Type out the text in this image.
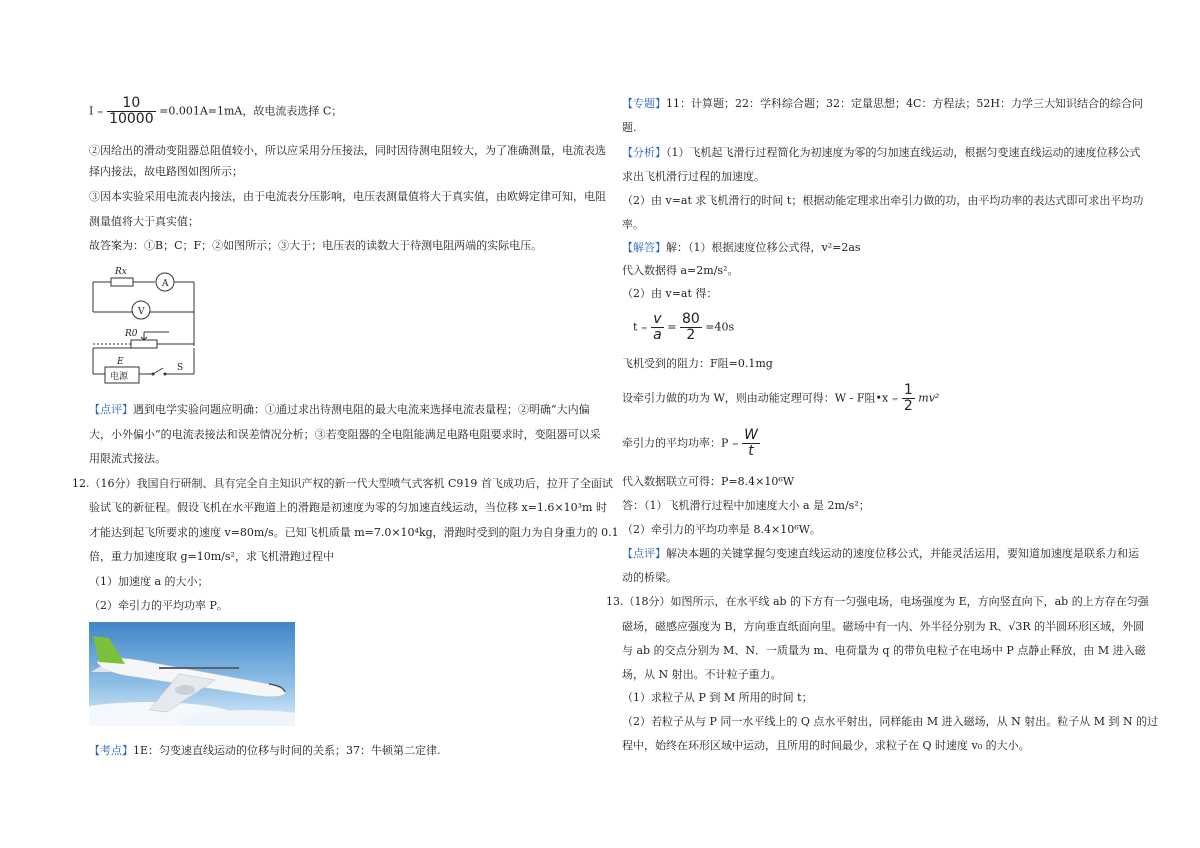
$I = \frac{10}{10000} =0.001A=1mA$，故电流表选择 C；
②因给出的滑动变阻器总阻值较小，所以应采用分压接法，同时因待测电阻较大，为了准确测量，电流表选
择内接法，故电路图如图所示；
③因本实验采用电流表内接法，由于电流表分压影响，电压表测量值将大于真实值，由欧姆定律可知，电阻
测量值将大于真实值；
故答案为：①B；C；F；②如图所示；③大于；电压表的读数大于待测电阻两端的实际电压。
Rx
A
V
R0
E
电源
S
【点评】遇到电学实验问题应明确：①通过求出待测电阻的最大电流来选择电流表量程；②明确“大内偏
大，小外偏小“的电流表接法和误差情况分析；③若变阻器的全电阻能满足电路电阻要求时，变阻器可以采
用限流式接法。
12.（16分）我国自行研制、具有完全自主知识产权的新一代大型喷气式客机 C919 首飞成功后，拉开了全面试
验试飞的新征程。假设飞机在水平跑道上的滑跑是初速度为零的匀加速直线运动，当位移 x=1.6×10³m 时
才能达到起飞所要求的速度 v=80m/s。已知飞机质量 m=7.0×10⁴kg，滑跑时受到的阻力为自身重力的 0.1
倍，重力加速度取 g=10m/s²，求飞机滑跑过程中
（1）加速度 a 的大小；
（2）牵引力的平均功率 P。
【考点】1E：匀变速直线运动的位移与时间的关系；37：牛顿第二定律.
【专题】11：计算题；22：学科综合题；32：定量思想；4C：方程法；52H：力学三大知识结合的综合问
题.
【分析】（1）飞机起飞滑行过程简化为初速度为零的匀加速直线运动，根据匀变速直线运动的速度位移公式
求出飞机滑行过程的加速度。
（2）由 v=at 求飞机滑行的时间 t；根据动能定理求出牵引力做的功，由平均功率的表达式即可求出平均功
率。
【解答】解：（1）根据速度位移公式得，v²=2as
代入数据得 a=2m/s²。
（2）由 v=at 得：
$t = \frac{v}{a} = \frac{80}{2} =40s$
飞机受到的阻力：F阻=0.1mg
设牵引力做的功为 W，则由动能定理可得：W - F阻•x = $\frac{1}{2} mv^2$
牵引力的平均功率：$P = \frac{W}{t}$
代入数据联立可得：P=8.4×10⁶W
答：（1）飞机滑行过程中加速度大小 a 是 2m/s²；
（2）牵引力的平均功率是 8.4×10⁶W。
【点评】解决本题的关键掌握匀变速直线运动的速度位移公式，并能灵活运用，要知道加速度是联系力和运
动的桥梁。
13.（18分）如图所示，在水平线 ab 的下方有一匀强电场，电场强度为 E，方向竖直向下，ab 的上方存在匀强
磁场，磁感应强度为 B，方向垂直纸面向里。磁场中有一内、外半径分别为 R、√3R 的半圆环形区域，外圆
与 ab 的交点分别为 M、N．一质量为 m、电荷量为 q 的带负电粒子在电场中 P 点静止释放，由 M 进入磁
场，从 N 射出。不计粒子重力。
（1）求粒子从 P 到 M 所用的时间 t；
（2）若粒子从与 P 同一水平线上的 Q 点水平射出，同样能由 M 进入磁场，从 N 射出。粒子从 M 到 N 的过
程中，始终在环形区域中运动，且所用的时间最少，求粒子在 Q 时速度 v₀ 的大小。
